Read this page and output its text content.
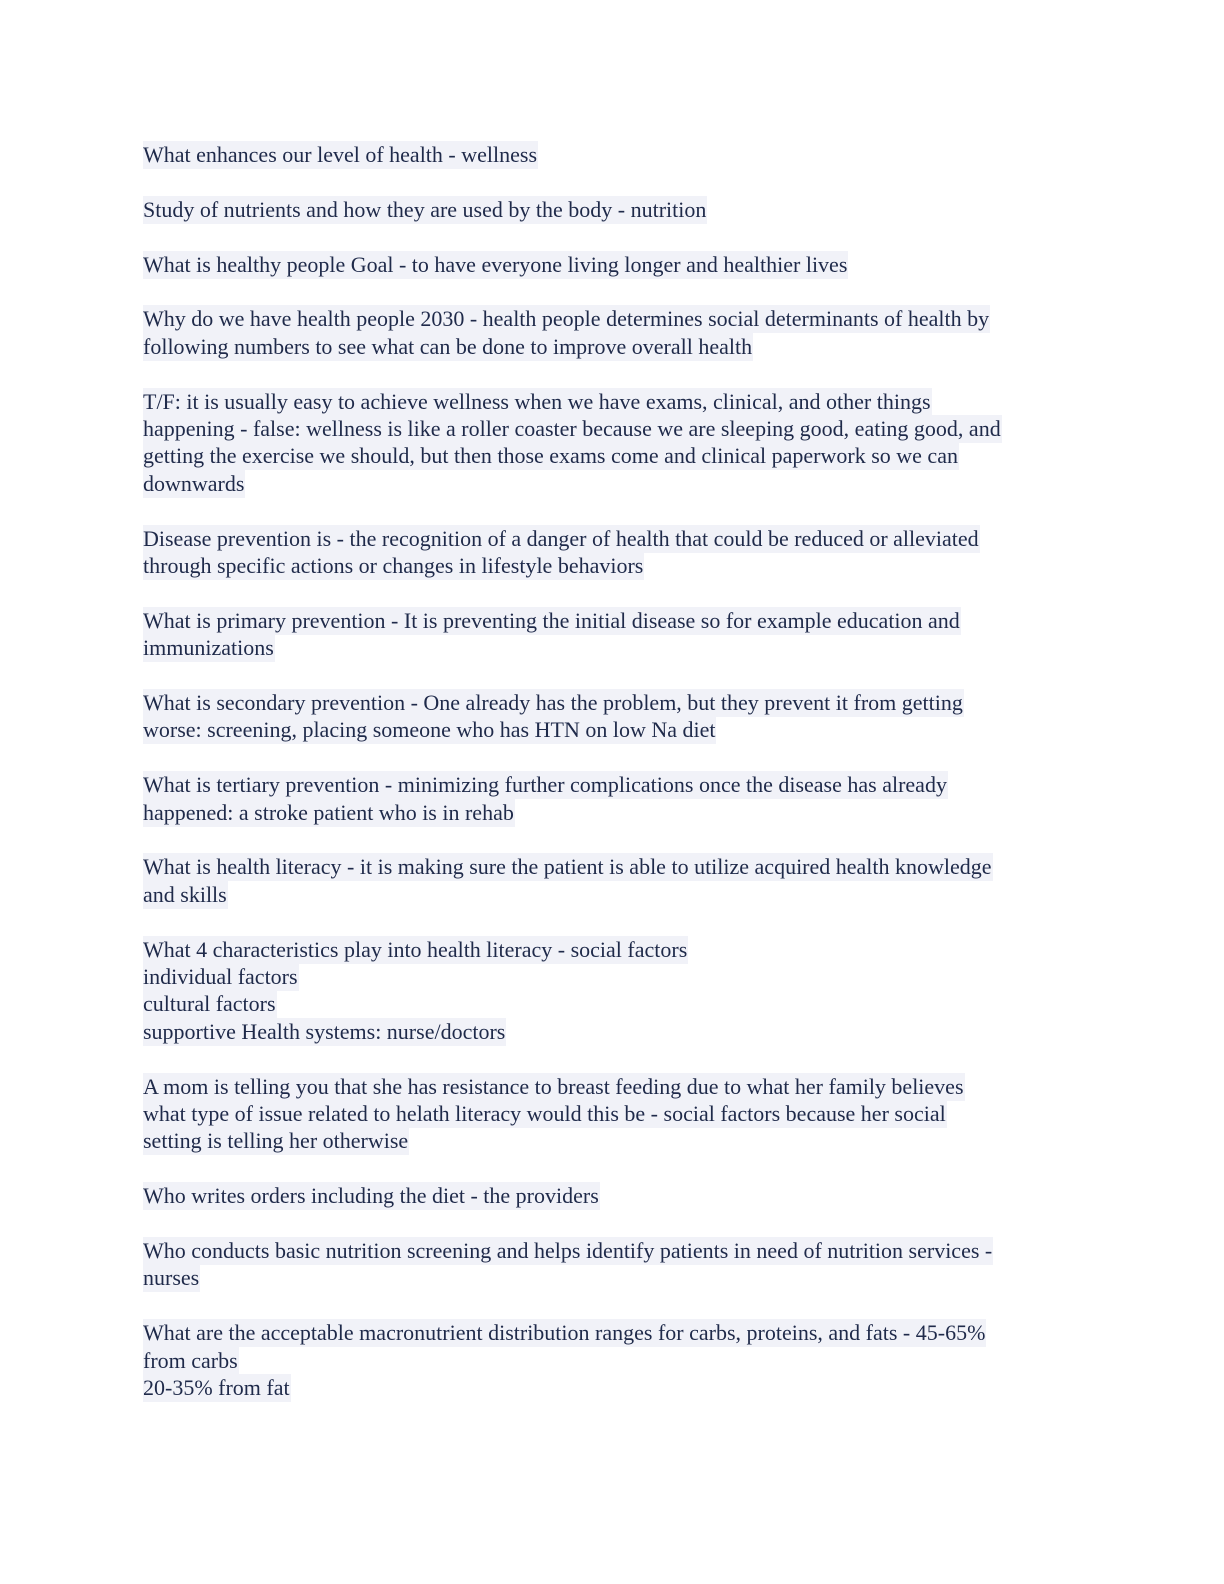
What enhances our level of health - wellness

Study of nutrients and how they are used by the body - nutrition

What is healthy people Goal - to have everyone living longer and healthier lives

Why do we have health people 2030 - health people determines social determinants of health by
following numbers to see what can be done to improve overall health

T/F: it is usually easy to achieve wellness when we have exams, clinical, and other things
happening - false: wellness is like a roller coaster because we are sleeping good, eating good, and
getting the exercise we should, but then those exams come and clinical paperwork so we can
downwards

Disease prevention is - the recognition of a danger of health that could be reduced or alleviated
through specific actions or changes in lifestyle behaviors

What is primary prevention - It is preventing the initial disease so for example education and
immunizations

What is secondary prevention - One already has the problem, but they prevent it from getting
worse: screening, placing someone who has HTN on low Na diet

What is tertiary prevention - minimizing further complications once the disease has already
happened: a stroke patient who is in rehab

What is health literacy - it is making sure the patient is able to utilize acquired health knowledge
and skills

What 4 characteristics play into health literacy - social factors
individual factors
cultural factors
supportive Health systems: nurse/doctors

A mom is telling you that she has resistance to breast feeding due to what her family believes
what type of issue related to helath literacy would this be - social factors because her social
setting is telling her otherwise

Who writes orders including the diet - the providers

Who conducts basic nutrition screening and helps identify patients in need of nutrition services -
nurses

What are the acceptable macronutrient distribution ranges for carbs, proteins, and fats - 45-65%
from carbs
20-35% from fat
